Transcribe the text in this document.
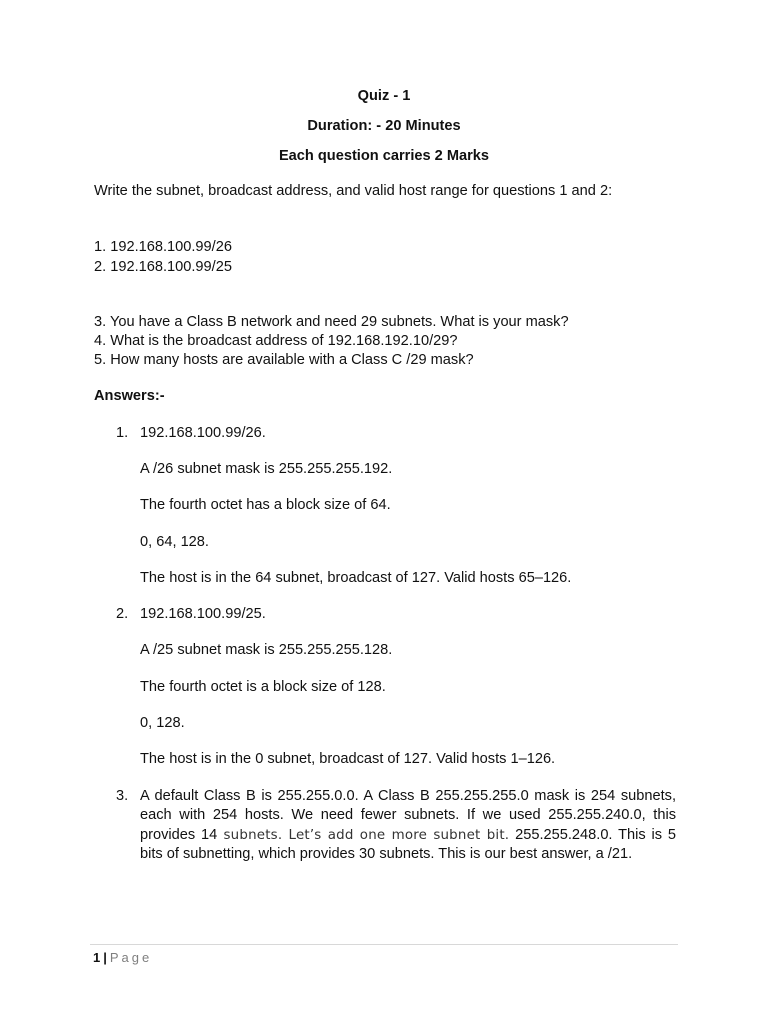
Quiz - 1
Duration: - 20 Minutes
Each question carries 2 Marks
Write the subnet, broadcast address, and valid host range for questions 1 and 2:
1. 192.168.100.99/26
2. 192.168.100.99/25
3. You have a Class B network and need 29 subnets. What is your mask?
4. What is the broadcast address of 192.168.192.10/29?
5. How many hosts are available with a Class C /29 mask?
Answers:-
1. 192.168.100.99/26.
A /26 subnet mask is 255.255.255.192.
The fourth octet has a block size of 64.
0, 64, 128.
The host is in the 64 subnet, broadcast of 127. Valid hosts 65–126.
2. 192.168.100.99/25.
A /25 subnet mask is 255.255.255.128.
The fourth octet is a block size of 128.
0, 128.
The host is in the 0 subnet, broadcast of 127. Valid hosts 1–126.
3. A default Class B is 255.255.0.0. A Class B 255.255.255.0 mask is 254 subnets, each with 254 hosts. We need fewer subnets. If we used 255.255.240.0, this provides 14 subnets. Let’s add one more subnet bit. 255.255.248.0. This is 5 bits of subnetting, which provides 30 subnets. This is our best answer, a /21.
1 | Page
